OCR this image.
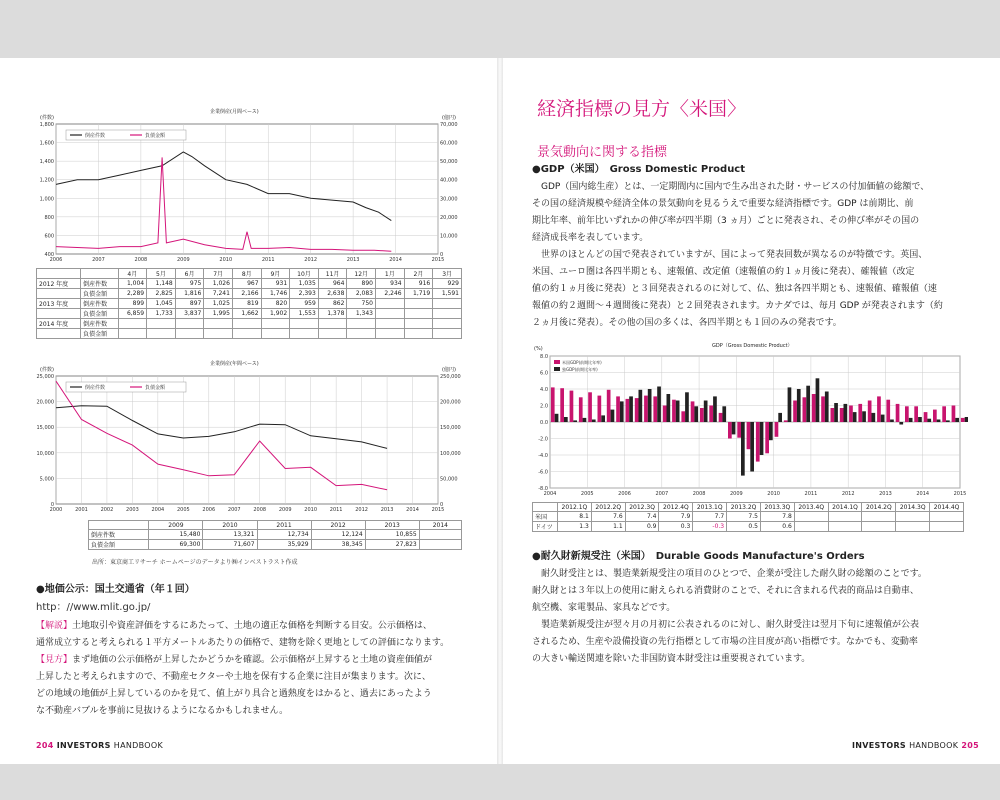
企業倒産(月間ベース)
(件数)	(億円)
1,800
1,600
1,400
1,200
1,000
800
600
400
70,000
60,000
50,000
40,000
30,000
20,000
10,000
0
2006	2007	2008	2009	2010	2011	2012	2013	2014	2015
倒産件数	負債金額
		4月	5月	6月	7月	8月	9月	10月	11月	12月	1月	2月	3月
2012 年度	倒産件数	1,004	1,148	975	1,026	967	931	1,035	964	890	934	916	929
	負債金額	2,289	2,825	1,816	7,241	2,166	1,746	2,393	2,638	2,083	2,246	1,719	1,591
2013 年度	倒産件数	899	1,045	897	1,025	819	820	959	862	750			
	負債金額	6,859	1,733	3,837	1,995	1,662	1,902	1,553	1,378	1,343			
2014 年度	倒産件数												
	負債金額												
企業倒産(年間ベース)
(件数)	(億円)
25,000
20,000
15,000
10,000
5,000
0
250,000
200,000
150,000
100,000
50,000
0
2000	2001	2002	2003	2004	2005	2006	2007	2008	2009	2010	2011	2012	2013	2014	2015
倒産件数	負債金額
	2009	2010	2011	2012	2013	2014
倒産件数	15,480	13,321	12,734	12,124	10,855	
負債金額	69,300	71,607	35,929	38,345	27,823	
出所：東京商工リサーチ ホームページのデータより㈱インベストラスト作成
●地価公示：国土交通省（年１回）
http：//www.mlit.go.jp/
【解説】土地取引や資産評価をするにあたって、土地の適正な価格を判断する目安。公示価格は、
通常成立すると考えられる１平方メートルあたりの価格で、建物を除く更地としての評価になります。
【見方】まず地価の公示価格が上昇したかどうかを確認。公示価格が上昇すると土地の資産価値が
上昇したと考えられますので、不動産セクターや土地を保有する企業に注目が集まります。次に、
どの地域の地価が上昇しているのかを見て、値上がり具合と過熱度をはかると、過去にあったよう
な不動産バブルを事前に見抜けるようになるかもしれません。
204 INVESTORS HANDBOOK
経済指標の見方〈米国〉
景気動向に関する指標
●GDP（米国）　Gross Domestic Product
　GDP（国内総生産）とは、一定期間内に国内で生み出された財・サービスの付加価値の総額で、
その国の経済規模や経済全体の景気動向を見るうえで重要な経済指標です。GDP は前期比、前
期比年率、前年比いずれかの伸び率が四半期（3 ヵ月）ごとに発表され、その伸び率がその国の
経済成長率を表しています。
　世界のほとんどの国で発表されていますが、国によって発表回数が異なるのが特徴です。英国、
米国、ユーロ圏は各四半期とも、速報値、改定値（速報値の約１ヵ月後に発表）、確報値（改定
値の約１ヵ月後に発表）と３回発表されるのに対して、仏、独は各四半期とも、速報値、確報値（速
報値の約２週間～４週間後に発表）と２回発表されます。カナダでは、毎月 GDP が発表されます（約
２ヵ月後に発表）。その他の国の多くは、各四半期とも１回のみの発表です。
GDP（Gross Domestic Product）
(%)
8.0
6.0
4.0
2.0
0.0
-2.0
-4.0
-6.0
-8.0
2004	2005	2006	2007	2008	2009	2010	2011	2012	2013	2014	2015
米国GDP(前期比年率)
独GDP(前期比年率)
	2012.1Q	2012.2Q	2012.3Q	2012.4Q	2013.1Q	2013.2Q	2013.3Q	2013.4Q	2014.1Q	2014.2Q	2014.3Q	2014.4Q
米国	8.1	7.6	7.4	7.9	7.7	7.5	7.8					
ドイツ	1.3	1.1	0.9	0.3	-0.3	0.5	0.6					
●耐久財新規受注（米国）　Durable Goods Manufacture's Orders
　耐久財受注とは、製造業新規受注の項目のひとつで、企業が受注した耐久財の総額のことです。
耐久財とは３年以上の使用に耐えられる消費財のことで、それに含まれる代表的商品は自動車、
航空機、家電製品、家具などです。
　製造業新規受注が翌々月の月初に公表されるのに対し、耐久財受注は翌月下旬に速報値が公表
されるため、生産や設備投資の先行指標として市場の注目度が高い指標です。なかでも、変動率
の大きい輸送関連を除いた非国防資本財受注は重要視されています。
INVESTORS HANDBOOK 205
